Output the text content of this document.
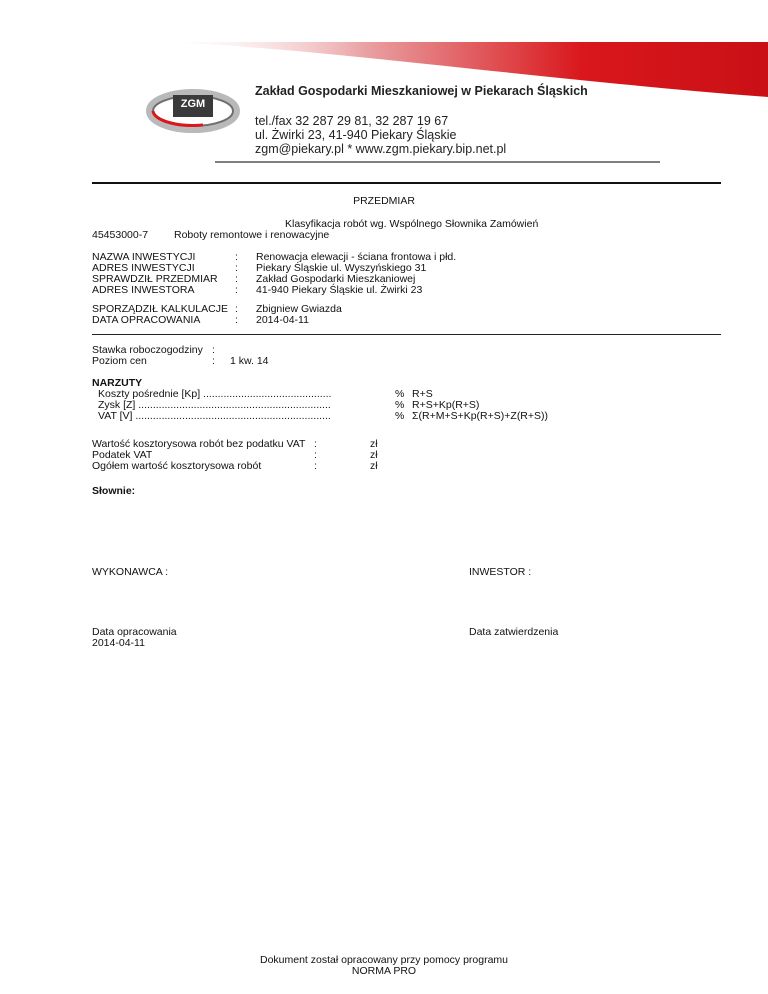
ZGM
Zakład Gospodarki Mieszkaniowej w Piekarach Śląskich
tel./fax 32 287 29 81, 32 287 19 67
ul. Żwirki 23, 41-940 Piekary Śląskie
zgm@piekary.pl * www.zgm.piekary.bip.net.pl
PRZEDMIAR
Klasyfikacja robót wg. Wspólnego Słownika Zamówień
45453000-7 Roboty remontowe i renowacyjne
NAZWA INWESTYCJI	: Renowacja elewacji - ściana frontowa i płd.
ADRES INWESTYCJI	: Piekary Śląskie ul. Wyszyńskiego 31
SPRAWDZIŁ PRZEDMIAR : Zakład Gospodarki Mieszkaniowej
ADRES INWESTORA	: 41-940 Piekary Śląskie ul. Żwirki 23
SPORZĄDZIŁ KALKULACJE : Zbigniew Gwiazda
DATA OPRACOWANIA	: 2014-04-11
Stawka roboczogodziny :
Poziom cen	: 1 kw. 14
NARZUTY
Koszty pośrednie [Kp] ............................................	% R+S
Zysk [Z] ..................................................................	% R+S+Kp(R+S)
VAT [V] ...................................................................	% Σ(R+M+S+Kp(R+S)+Z(R+S))
Wartość kosztorysowa robót bez podatku VAT :	zł
Podatek VAT	:	zł
Ogółem wartość kosztorysowa robót	:	zł
Słownie:
WYKONAWCA :	INWESTOR :
Data opracowania
2014-04-11
Data zatwierdzenia
Dokument został opracowany przy pomocy programu
NORMA PRO
